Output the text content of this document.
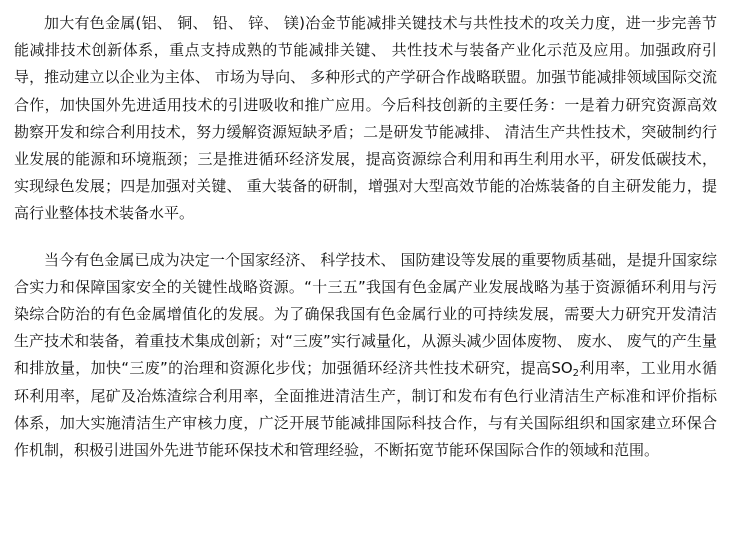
加大有色金属(铝、 铜、 铅、 锌、 镁)冶金节能减排关键技术与共性技术的攻关力度，进一步完善节能减排技术创新体系，重点支持成熟的节能减排关键、 共性技术与装备产业化示范及应用。加强政府引导，推动建立以企业为主体、 市场为导向、 多种形式的产学研合作战略联盟。加强节能减排领域国际交流合作，加快国外先进适用技术的引进吸收和推广应用。今后科技创新的主要任务：一是着力研究资源高效勘察开发和综合利用技术，努力缓解资源短缺矛盾；二是研发节能减排、 清洁生产共性技术，突破制约行业发展的能源和环境瓶颈；三是推进循环经济发展，提高资源综合利用和再生利用水平，研发低碳技术，实现绿色发展；四是加强对关键、 重大装备的研制，增强对大型高效节能的冶炼装备的自主研发能力，提高行业整体技术装备水平。

当今有色金属已成为决定一个国家经济、 科学技术、 国防建设等发展的重要物质基础，是提升国家综合实力和保障国家安全的关键性战略资源。“十三五”我国有色金属产业发展战略为基于资源循环利用与污染综合防治的有色金属增值化的发展。为了确保我国有色金属行业的可持续发展，需要大力研究开发清洁生产技术和装备，着重技术集成创新；对“三废”实行减量化，从源头减少固体废物、 废水、 废气的产生量和排放量，加快“三废”的治理和资源化步伐；加强循环经济共性技术研究，提高$SO_2$利用率，工业用水循环利用率，尾矿及冶炼渣综合利用率，全面推进清洁生产，制订和发布有色行业清洁生产标准和评价指标体系，加大实施清洁生产审核力度，广泛开展节能减排国际科技合作，与有关国际组织和国家建立环保合作机制，积极引进国外先进节能环保技术和管理经验，不断拓宽节能环保国际合作的领域和范围。
